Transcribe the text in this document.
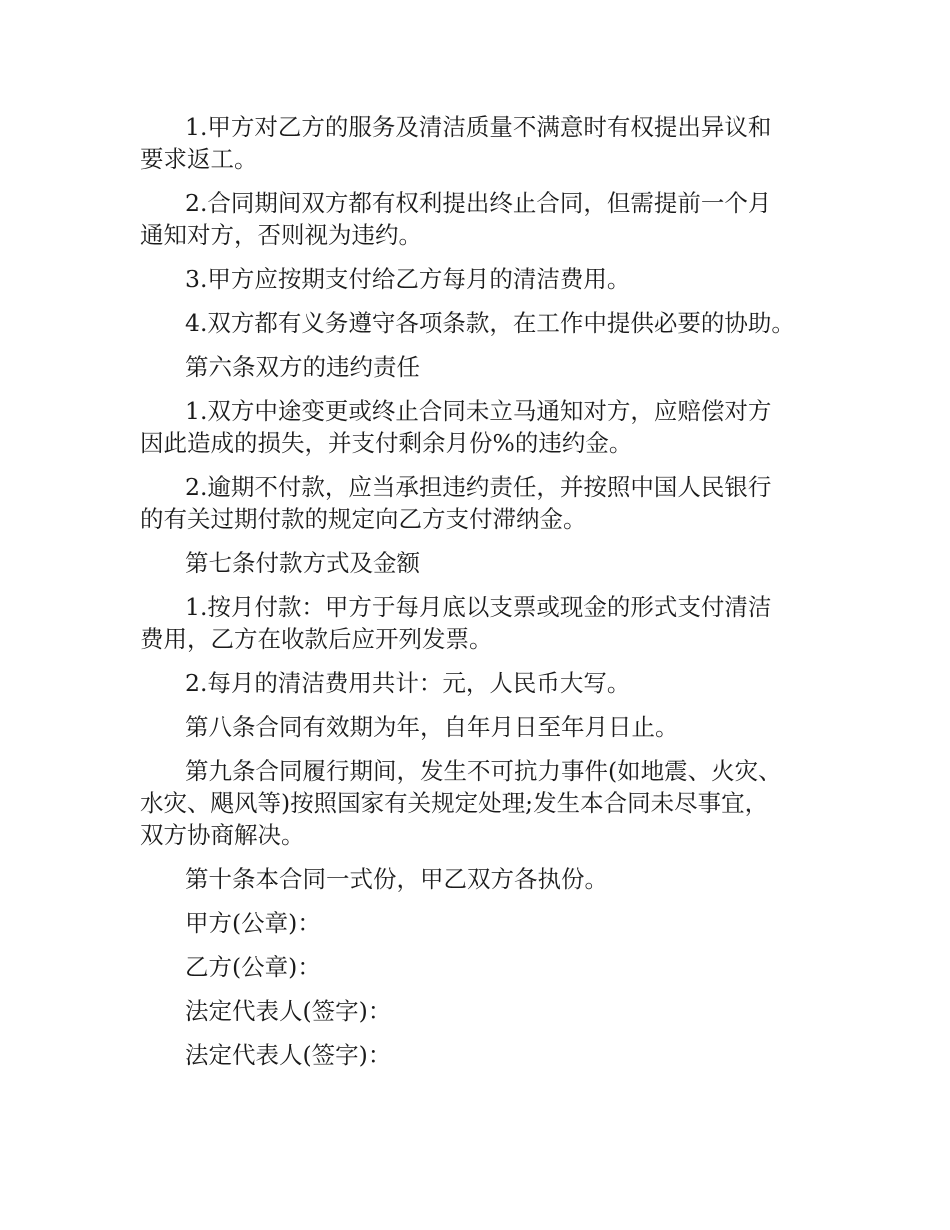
1.甲方对乙方的服务及清洁质量不满意时有权提出异议和
要求返工。

2.合同期间双方都有权利提出终止合同，但需提前一个月
通知对方，否则视为违约。

3.甲方应按期支付给乙方每月的清洁费用。

4.双方都有义务遵守各项条款，在工作中提供必要的协助。

第六条双方的违约责任

1.双方中途变更或终止合同未立马通知对方，应赔偿对方
因此造成的损失，并支付剩余月份%的违约金。

2.逾期不付款，应当承担违约责任，并按照中国人民银行
的有关过期付款的规定向乙方支付滞纳金。

第七条付款方式及金额

1.按月付款：甲方于每月底以支票或现金的形式支付清洁
费用，乙方在收款后应开列发票。

2.每月的清洁费用共计：元，人民币大写。

第八条合同有效期为年，自年月日至年月日止。

第九条合同履行期间，发生不可抗力事件(如地震、火灾、
水灾、飓风等)按照国家有关规定处理;发生本合同未尽事宜，
双方协商解决。

第十条本合同一式份，甲乙双方各执份。

甲方(公章)：

乙方(公章)：

法定代表人(签字)：

法定代表人(签字)：
